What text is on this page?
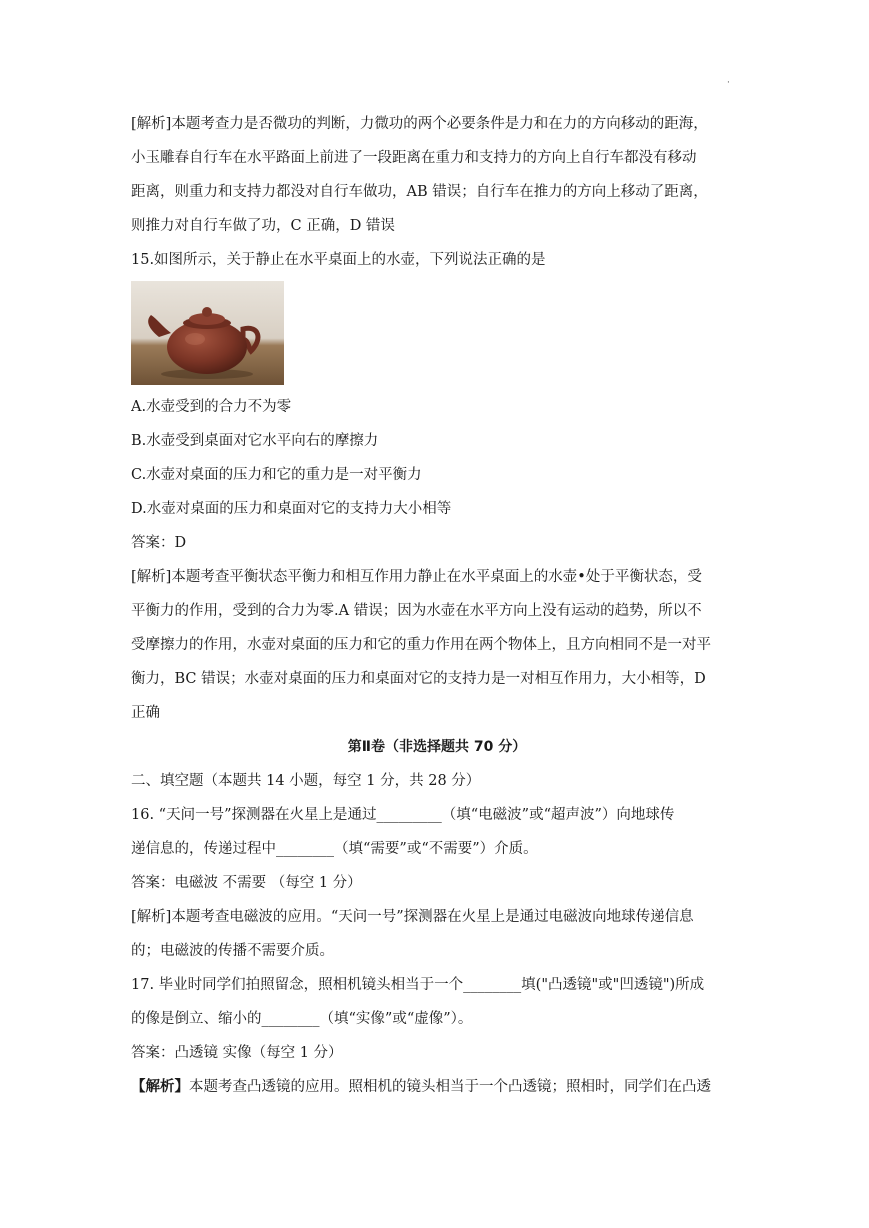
·
[解析]本题考查力是否微功的判断，力微功的两个必要条件是力和在力的方向移动的距海，
小玉雕春自行车在水平路面上前进了一段距离在重力和支持力的方向上自行车都没有移动
距离，则重力和支持力都没对自行车做功，AB 错误；自行车在推力的方向上移动了距离，
则推力对自行车做了功，C 正确，D 错误
15.如图所示，关于静止在水平桌面上的水壶，下列说法正确的是
A.水壶受到的合力不为零
B.水壶受到桌面对它水平向右的摩擦力
C.水壶对桌面的压力和它的重力是一对平衡力
D.水壶对桌面的压力和桌面对它的支持力大小相等
答案：D
[解析]本题考查平衡状态平衡力和相互作用力静止在水平桌面上的水壶•处于平衡状态，受
平衡力的作用，受到的合力为零.A 错误；因为水壶在水平方向上没有运动的趋势，所以不
受摩擦力的作用，水壶对桌面的压力和它的重力作用在两个物体上，且方向相同不是一对平
衡力，BC 错误；水壶对桌面的压力和桌面对它的支持力是一对相互作用力，大小相等，D
正确
第Ⅱ卷（非选择题共 70 分）
二、填空题（本题共 14 小题，每空 1 分，共 28 分）
16. “天问一号”探测器在火星上是通过_________（填“电磁波”或“超声波”）向地球传
递信息的，传递过程中________（填“需要”或“不需要”）介质。
答案：电磁波 不需要 （每空 1 分）
[解析]本题考查电磁波的应用。“天问一号”探测器在火星上是通过电磁波向地球传递信息
的；电磁波的传播不需要介质。
17. 毕业时同学们拍照留念，照相机镜头相当于一个________填("凸透镜"或"凹透镜")所成
的像是倒立、缩小的________（填“实像”或“虚像”）。
答案：凸透镜 实像（每空 1 分）
【解析】本题考查凸透镜的应用。照相机的镜头相当于一个凸透镜；照相时，同学们在凸透
